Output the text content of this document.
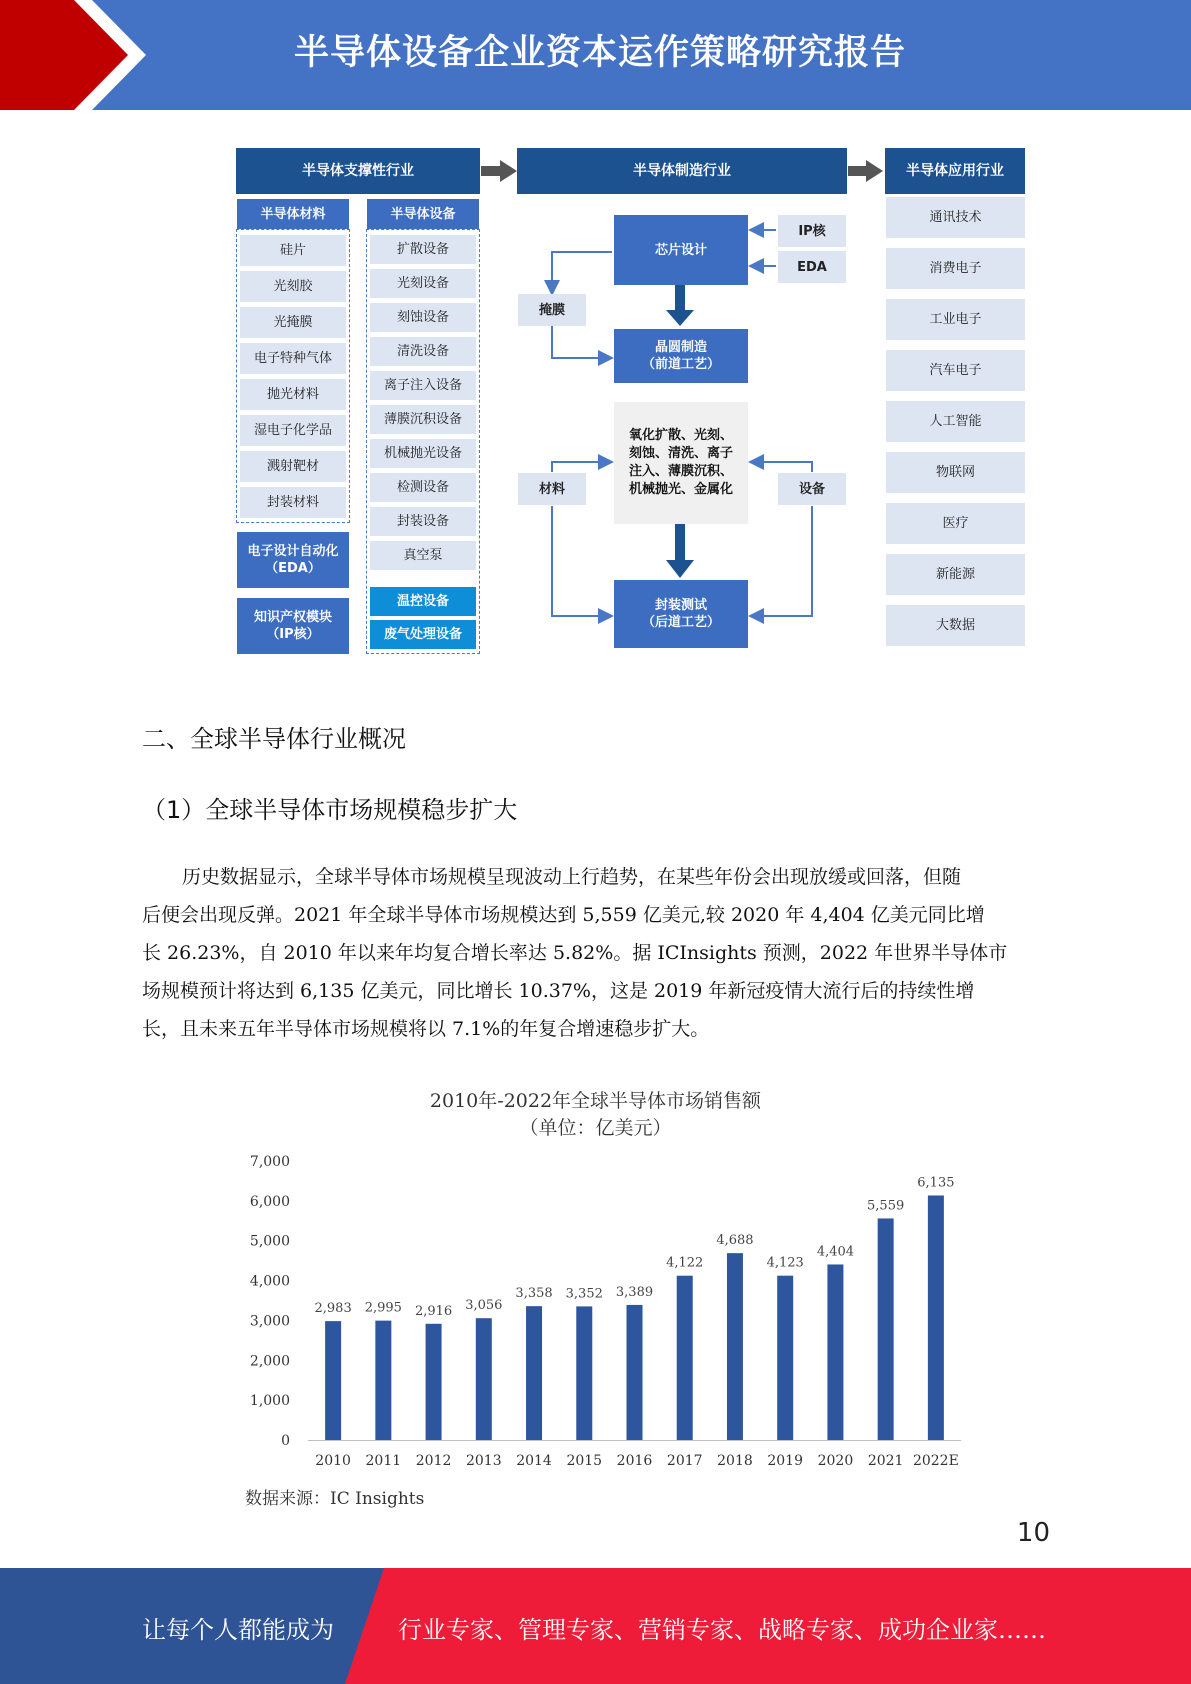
半导体设备企业资本运作策略研究报告
半导体支撑性行业
半导体材料
硅片
光刻胶
光掩膜
电子特种气体
抛光材料
湿电子化学品
溅射靶材
封装材料
电子设计自动化
（EDA）
知识产权模块
（IP核）
半导体设备
扩散设备
光刻设备
刻蚀设备
清洗设备
离子注入设备
薄膜沉积设备
机械抛光设备
检测设备
封装设备
真空泵
温控设备
废气处理设备
半导体制造行业
芯片设计
IP核
EDA
掩膜
晶圆制造
（前道工艺）
氧化扩散、光刻、
刻蚀、清洗、离子
注入、薄膜沉积、
机械抛光、金属化
材料	设备
封装测试
（后道工艺）
半导体应用行业
通讯技术
消费电子
工业电子
汽车电子
人工智能
物联网
医疗
新能源
大数据
二、全球半导体行业概况
（1）全球半导体市场规模稳步扩大
历史数据显示，全球半导体市场规模呈现波动上行趋势，在某些年份会出现放缓或回落，但随
后便会出现反弹。2021 年全球半导体市场规模达到 5,559 亿美元,较 2020 年 4,404 亿美元同比增
长 26.23%，自 2010 年以来年均复合增长率达 5.82%。据 ICInsights 预测，2022 年世界半导体市
场规模预计将达到 6,135 亿美元，同比增长 10.37%，这是 2019 年新冠疫情大流行后的持续性增
长，且未来五年半导体市场规模将以 7.1%的年复合增速稳步扩大。
2010年-2022年全球半导体市场销售额
（单位：亿美元）
0
1,000
2,000
3,000
4,000
5,000
6,000
7,000
2,983
2010
2,995
2011
2,916
2012
3,056
2013
3,358
2014
3,352
2015
3,389
2016
4,122
2017
4,688
2018
4,123
2019
4,404
2020
5,559
2021
6,135
2022E
数据来源：IC Insights
10
让每个人都能成为	行业专家、管理专家、营销专家、战略专家、成功企业家……
